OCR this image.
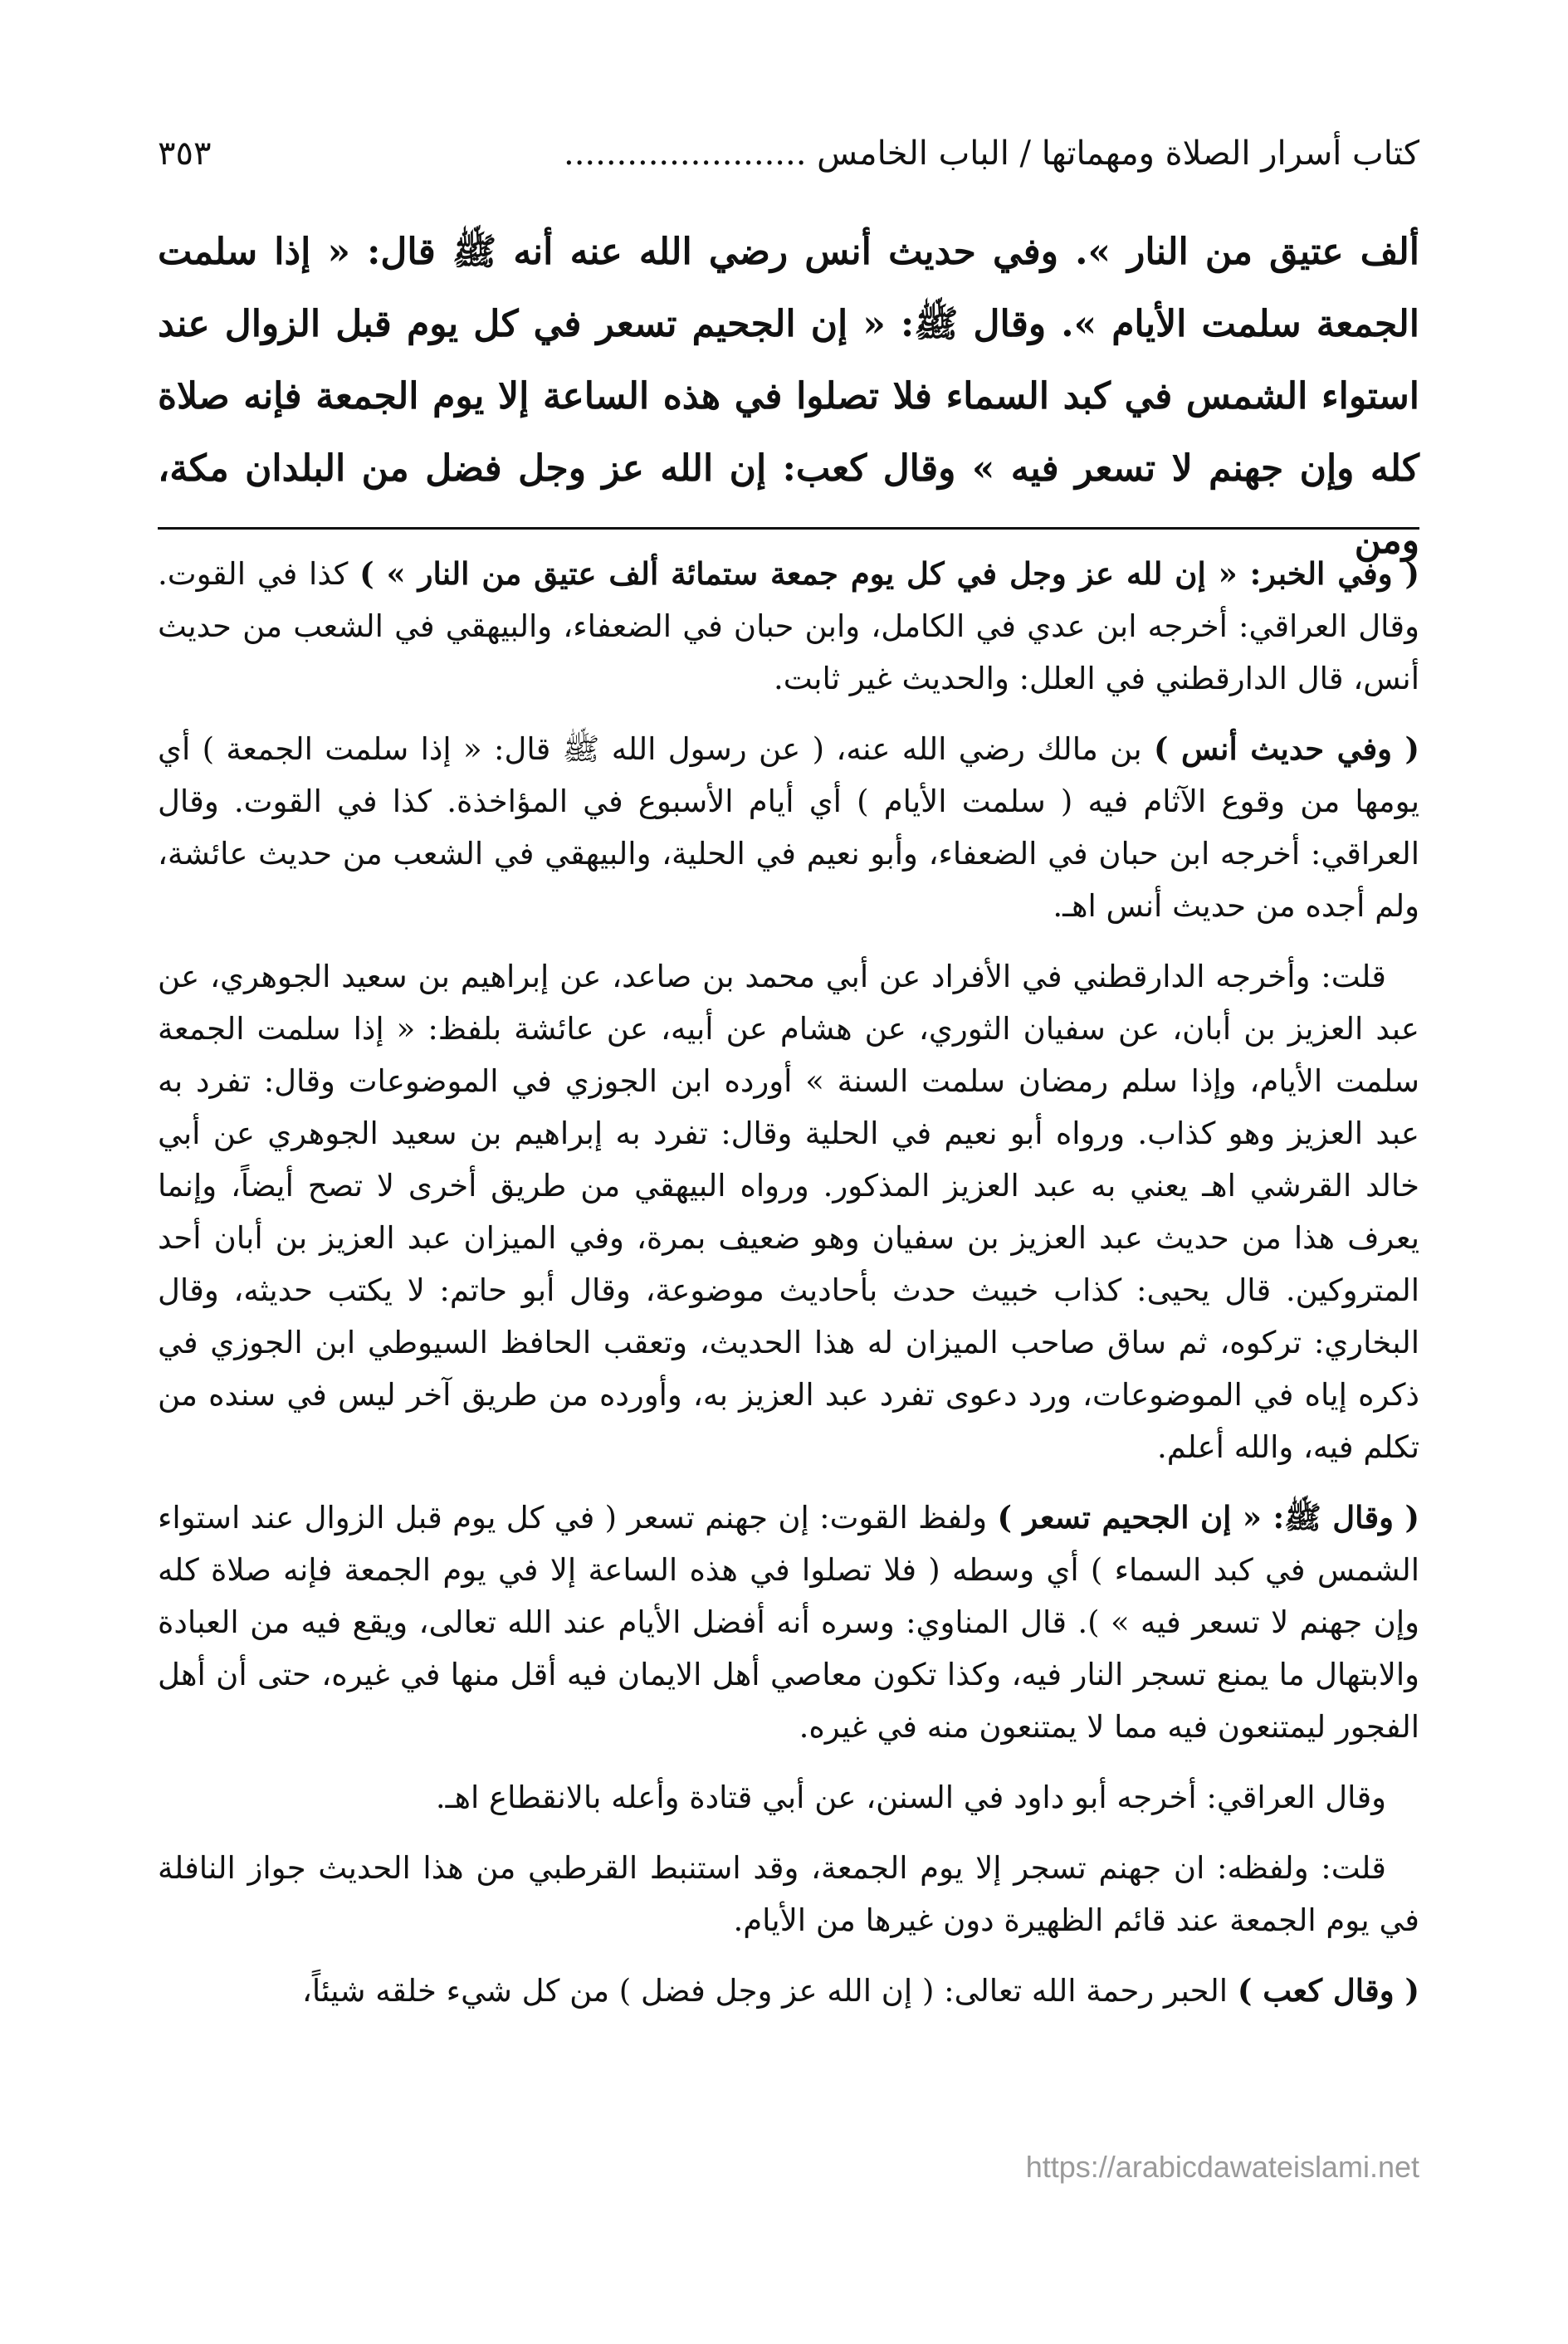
كتاب أسرار الصلاة ومهماتها / الباب الخامس .......................
٣٥٣
ألف عتيق من النار ». وفي حديث أنس رضي الله عنه أنه ﷺ قال: « إذا سلمت الجمعة سلمت الأيام ». وقال ﷺ: « إن الجحيم تسعر في كل يوم قبل الزوال عند استواء الشمس في كبد السماء فلا تصلوا في هذه الساعة إلا يوم الجمعة فإنه صلاة كله وإن جهنم لا تسعر فيه » وقال كعب: إن الله عز وجل فضل من البلدان مكة، ومن

( وفي الخبر: « إن لله عز وجل في كل يوم جمعة ستمائة ألف عتيق من النار » ) كذا في القوت. وقال العراقي: أخرجه ابن عدي في الكامل، وابن حبان في الضعفاء، والبيهقي في الشعب من حديث أنس، قال الدارقطني في العلل: والحديث غير ثابت.

( وفي حديث أنس ) بن مالك رضي الله عنه، ( عن رسول الله ﷺ قال: « إذا سلمت الجمعة ) أي يومها من وقوع الآثام فيه ( سلمت الأيام ) أي أيام الأسبوع في المؤاخذة. كذا في القوت. وقال العراقي: أخرجه ابن حبان في الضعفاء، وأبو نعيم في الحلية، والبيهقي في الشعب من حديث عائشة، ولم أجده من حديث أنس اهـ.

قلت: وأخرجه الدارقطني في الأفراد عن أبي محمد بن صاعد، عن إبراهيم بن سعيد الجوهري، عن عبد العزيز بن أبان، عن سفيان الثوري، عن هشام عن أبيه، عن عائشة بلفظ: « إذا سلمت الجمعة سلمت الأيام، وإذا سلم رمضان سلمت السنة » أورده ابن الجوزي في الموضوعات وقال: تفرد به عبد العزيز وهو كذاب. ورواه أبو نعيم في الحلية وقال: تفرد به إبراهيم بن سعيد الجوهري عن أبي خالد القرشي اهـ يعني به عبد العزيز المذكور. ورواه البيهقي من طريق أخرى لا تصح أيضاً، وإنما يعرف هذا من حديث عبد العزيز بن سفيان وهو ضعيف بمرة، وفي الميزان عبد العزيز بن أبان أحد المتروكين. قال يحيى: كذاب خبيث حدث بأحاديث موضوعة، وقال أبو حاتم: لا يكتب حديثه، وقال البخاري: تركوه، ثم ساق صاحب الميزان له هذا الحديث، وتعقب الحافظ السيوطي ابن الجوزي في ذكره إياه في الموضوعات، ورد دعوى تفرد عبد العزيز به، وأورده من طريق آخر ليس في سنده من تكلم فيه، والله أعلم.

( وقال ﷺ: « إن الجحيم تسعر ) ولفظ القوت: إن جهنم تسعر ( في كل يوم قبل الزوال عند استواء الشمس في كبد السماء ) أي وسطه ( فلا تصلوا في هذه الساعة إلا في يوم الجمعة فإنه صلاة كله وإن جهنم لا تسعر فيه » ). قال المناوي: وسره أنه أفضل الأيام عند الله تعالى، ويقع فيه من العبادة والابتهال ما يمنع تسجر النار فيه، وكذا تكون معاصي أهل الايمان فيه أقل منها في غيره، حتى أن أهل الفجور ليمتنعون فيه مما لا يمتنعون منه في غيره.

وقال العراقي: أخرجه أبو داود في السنن، عن أبي قتادة وأعله بالانقطاع اهـ.

قلت: ولفظه: ان جهنم تسجر إلا يوم الجمعة، وقد استنبط القرطبي من هذا الحديث جواز النافلة في يوم الجمعة عند قائم الظهيرة دون غيرها من الأيام.

( وقال كعب ) الحبر رحمة الله تعالى: ( إن الله عز وجل فضل ) من كل شيء خلقه شيئاً،

https://arabicdawateislami.net
